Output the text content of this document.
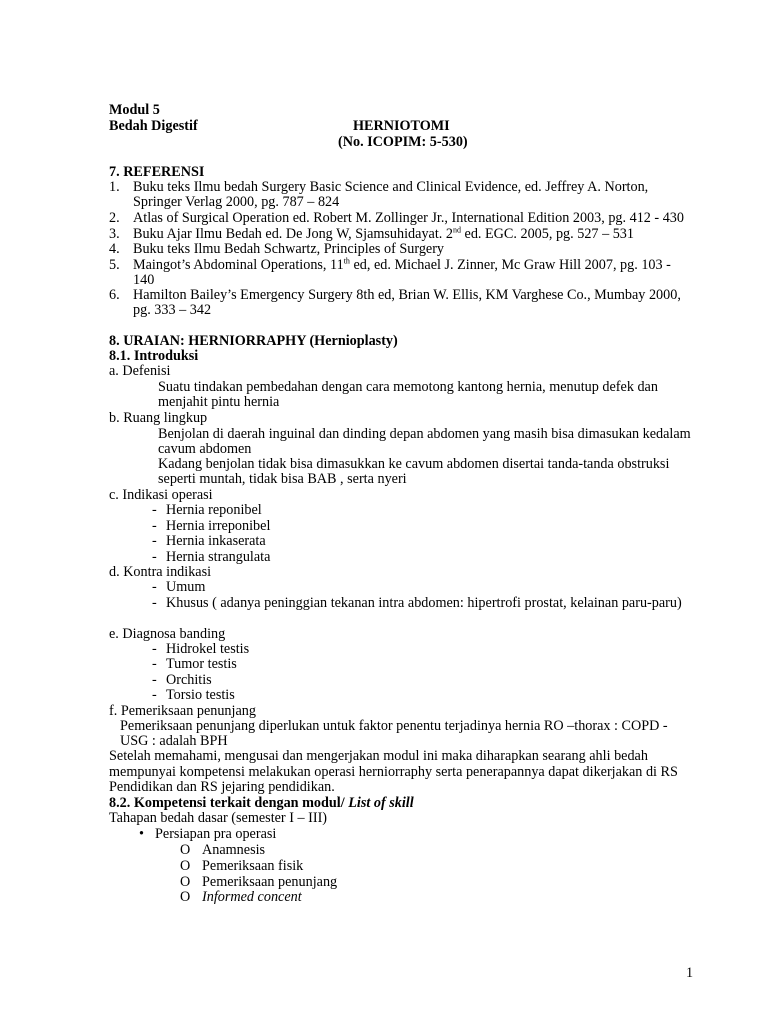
Modul 5
Bedah Digestif	HERNIOTOMI
(No. ICOPIM: 5-530)
7. REFERENSI
1. Buku teks Ilmu bedah Surgery Basic Science and Clinical Evidence, ed. Jeffrey A. Norton,
Springer Verlag 2000, pg. 787 – 824
2. Atlas of Surgical Operation ed. Robert M. Zollinger Jr., International Edition 2003, pg. 412 - 430
3. Buku Ajar Ilmu Bedah ed. De Jong W, Sjamsuhidayat. 2nd ed. EGC. 2005, pg. 527 – 531
4. Buku teks Ilmu Bedah Schwartz, Principles of Surgery
5. Maingot’s Abdominal Operations, 11th ed, ed. Michael J. Zinner, Mc Graw Hill 2007, pg. 103 -
140
6. Hamilton Bailey’s Emergency Surgery 8th ed, Brian W. Ellis, KM Varghese Co., Mumbay 2000,
pg. 333 – 342
8. URAIAN: HERNIORRAPHY (Hernioplasty)
8.1. Introduksi
a. Defenisi
Suatu tindakan pembedahan dengan cara memotong kantong hernia, menutup defek dan
menjahit pintu hernia
b. Ruang lingkup
Benjolan di daerah inguinal dan dinding depan abdomen yang masih bisa dimasukan kedalam
cavum abdomen
Kadang benjolan tidak bisa dimasukkan ke cavum abdomen disertai tanda-tanda obstruksi
seperti muntah, tidak bisa BAB , serta nyeri
c. Indikasi operasi
- Hernia reponibel
- Hernia irreponibel
- Hernia inkaserata
- Hernia strangulata
d. Kontra indikasi
- Umum
- Khusus ( adanya peninggian tekanan intra abdomen: hipertrofi prostat, kelainan paru-paru)
e. Diagnosa banding
- Hidrokel testis
- Tumor testis
- Orchitis
- Torsio testis
f. Pemeriksaan penunjang
Pemeriksaan penunjang diperlukan untuk faktor penentu terjadinya hernia RO –thorax : COPD -
USG : adalah BPH
Setelah memahami, mengusai dan mengerjakan modul ini maka diharapkan searang ahli bedah
mempunyai kompetensi melakukan operasi herniorraphy serta penerapannya dapat dikerjakan di RS
Pendidikan dan RS jejaring pendidikan.
8.2. Kompetensi terkait dengan modul/ List of skill
Tahapan bedah dasar (semester I – III)
• Persiapan pra operasi
O Anamnesis
O Pemeriksaan fisik
O Pemeriksaan penunjang
O Informed concent
1
